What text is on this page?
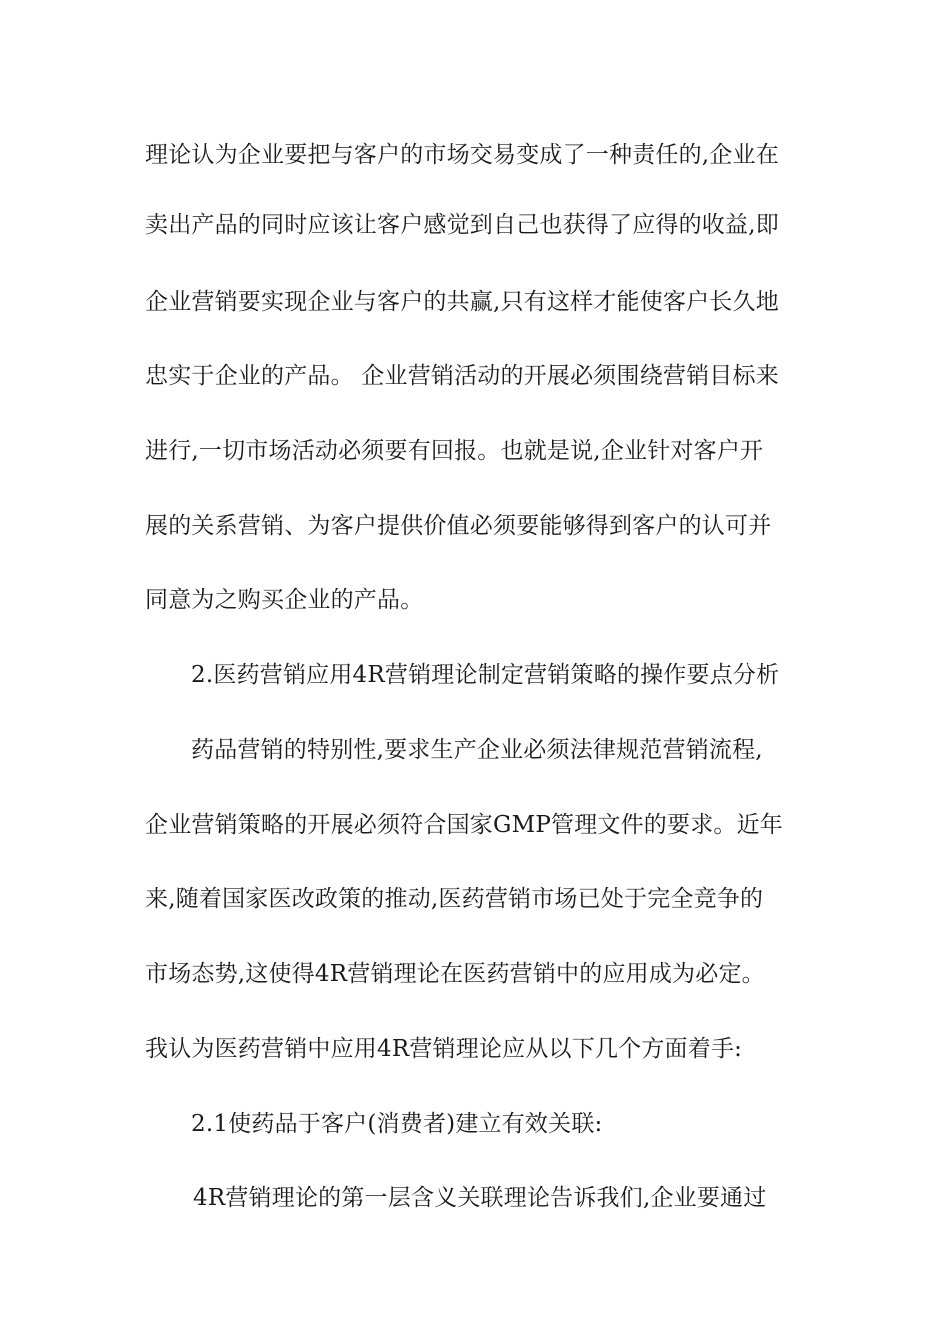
理论认为企业要把与客户的市场交易变成了一种责任的,企业在
卖出产品的同时应该让客户感觉到自己也获得了应得的收益,即
企业营销要实现企业与客户的共赢,只有这样才能使客户长久地
忠实于企业的产品。 企业营销活动的开展必须围绕营销目标来
进行,一切市场活动必须要有回报。也就是说,企业针对客户开
展的关系营销、为客户提供价值必须要能够得到客户的认可并
同意为之购买企业的产品。
2.医药营销应用4R营销理论制定营销策略的操作要点分析
药品营销的特别性,要求生产企业必须法律规范营销流程,
企业营销策略的开展必须符合国家GMP管理文件的要求。近年
来,随着国家医改政策的推动,医药营销市场已处于完全竞争的
市场态势,这使得4R营销理论在医药营销中的应用成为必定。
我认为医药营销中应用4R营销理论应从以下几个方面着手:
2.1使药品于客户(消费者)建立有效关联:
4R营销理论的第一层含义关联理论告诉我们,企业要通过
